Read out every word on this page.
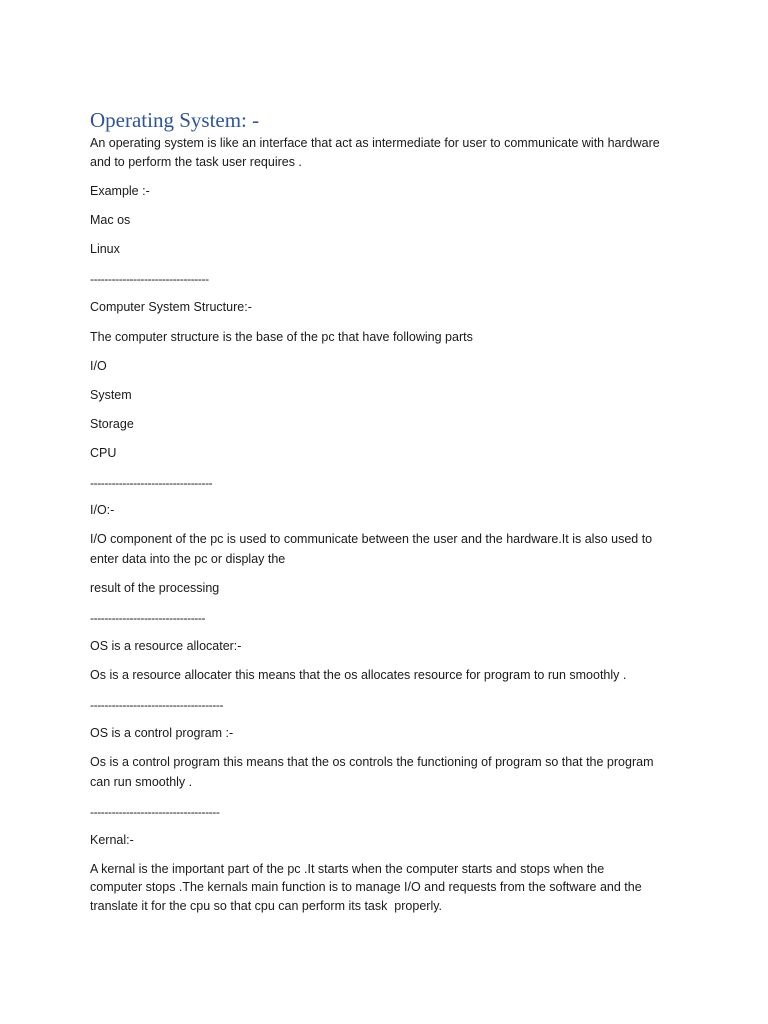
Operating System: -
An operating system is like an interface that act as intermediate for user to communicate with hardware
and to perform the task user requires .
Example :-
Mac os
Linux
---------------------------------
Computer System Structure:-
The computer structure is the base of the pc that have following parts
I/O
System
Storage
CPU
----------------------------------
I/O:-
I/O component of the pc is used to communicate between the user and the hardware.It is also used to
enter data into the pc or display the
result of the processing
--------------------------------
OS is a resource allocater:-
Os is a resource allocater this means that the os allocates resource for program to run smoothly .
-------------------------------------
OS is a control program :-
Os is a control program this means that the os controls the functioning of program so that the program
can run smoothly .
------------------------------------
Kernal:-
A kernal is the important part of the pc .It starts when the computer starts and stops when the
computer stops .The kernals main function is to manage I/O and requests from the software and the
translate it for the cpu so that cpu can perform its task  properly.
